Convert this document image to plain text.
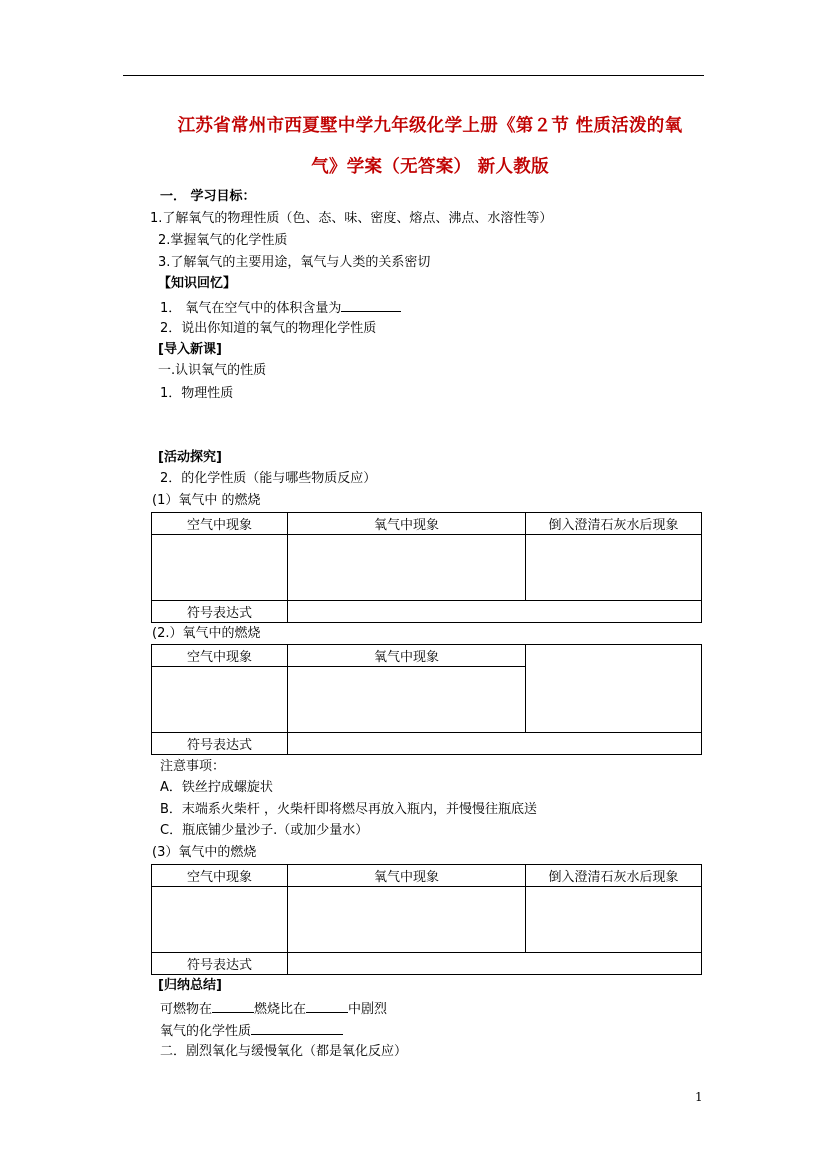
江苏省常州市西夏墅中学九年级化学上册《第２节 性质活泼的氧
气》学案（无答案） 新人教版
一． 学习目标：
1.了解氧气的物理性质（色、态、味、密度、熔点、沸点、水溶性等）
2.掌握氧气的化学性质
3.了解氧气的主要用途，氧气与人类的关系密切
【知识回忆】
1． 氧气在空气中的体积含量为
2．说出你知道的氧气的物理化学性质
[导入新课]
一.认识氧气的性质
1．物理性质
[活动探究]
2．的化学性质（能与哪些物质反应）
(1）氧气中 的燃烧
空气中现象	氧气中现象	倒入澄清石灰水后现象

符号表达式		
(2.）氧气中的燃烧
空气中现象	氧气中现象	

符号表达式		
注意事项：
A．铁丝拧成螺旋状
B．末端系火柴杆 ，火柴杆即将燃尽再放入瓶内，并慢慢往瓶底送
C．瓶底铺少量沙子.（或加少量水）
(3）氧气中的燃烧
空气中现象	氧气中现象	倒入澄清石灰水后现象

符号表达式		
[归纳总结]
可燃物在	燃烧比在	中剧烈
氧气的化学性质
二．剧烈氧化与缓慢氧化（都是氧化反应）
1
